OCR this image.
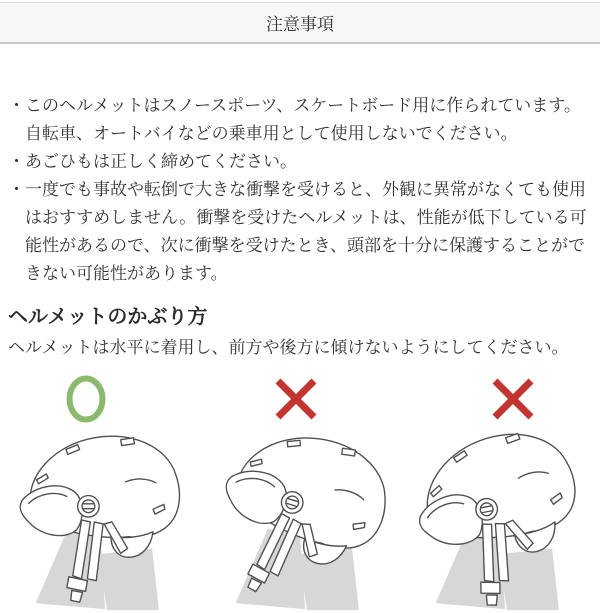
注意事項
・ このヘルメットはスノースポーツ、スケートボード用に作られています。自転車、オートバイなどの乗車用として使用しないでください。
・ あごひもは正しく締めてください。
・ 一度でも事故や転倒で大きな衝撃を受けると、外観に異常がなくても使用はおすすめしません。衝撃を受けたヘルメットは、性能が低下している可能性があるので、次に衝撃を受けたとき、頭部を十分に保護することができない可能性があります。
ヘルメットのかぶり方

ヘルメットは水平に着用し、前方や後方に傾けないようにしてください。
